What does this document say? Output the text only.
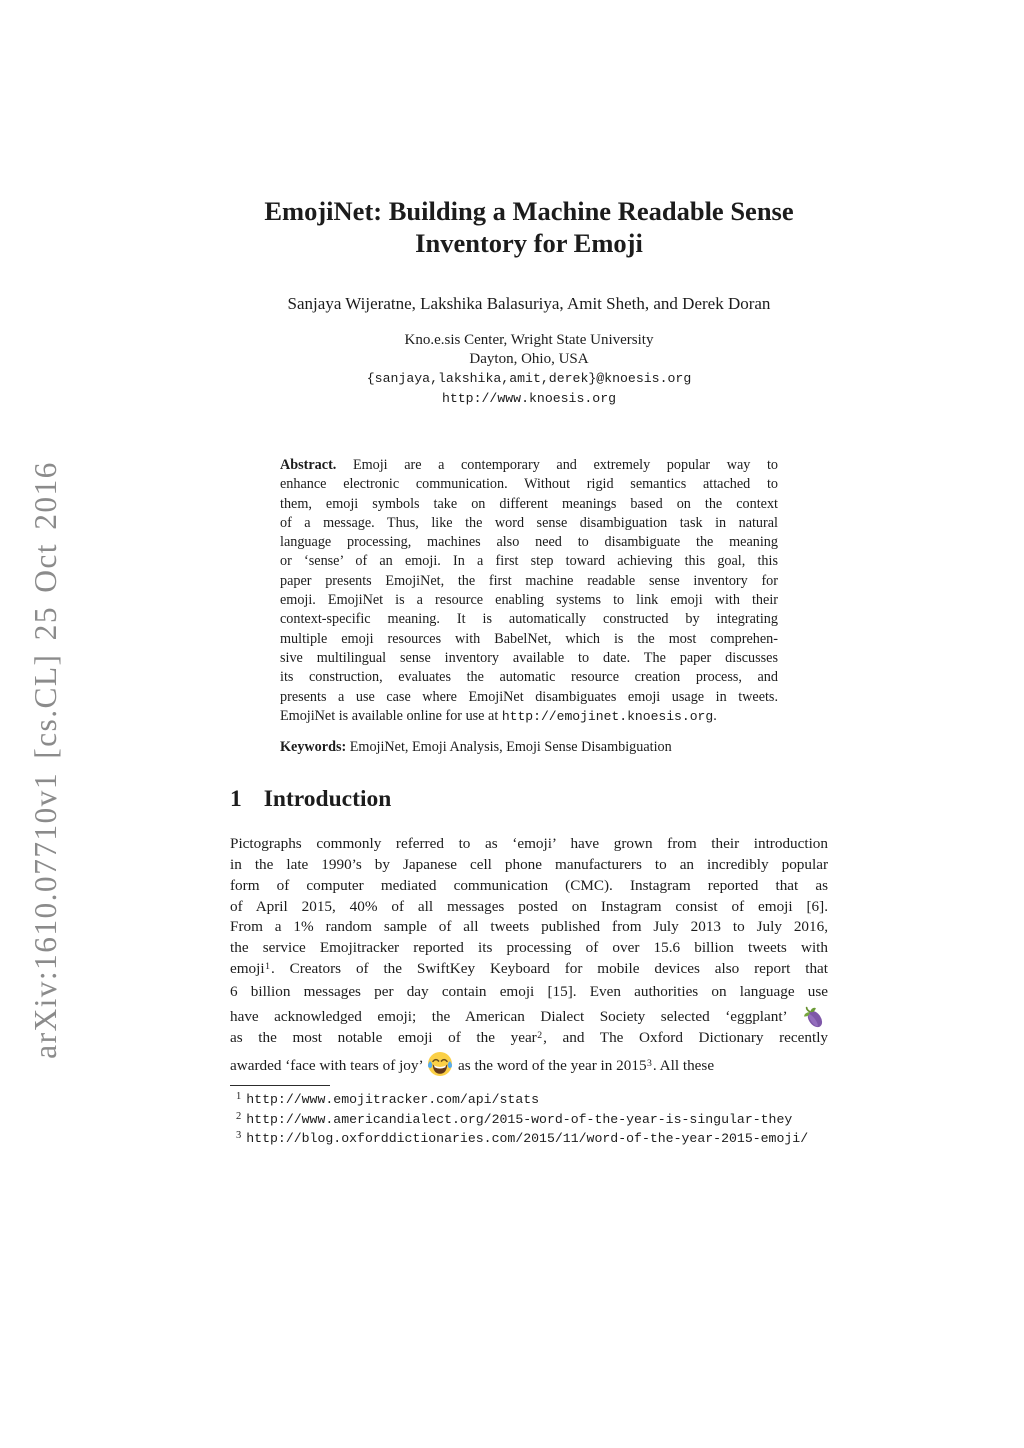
arXiv:1610.07710v1 [cs.CL] 25 Oct 2016
EmojiNet: Building a Machine Readable Sense
Inventory for Emoji
Sanjaya Wijeratne, Lakshika Balasuriya, Amit Sheth, and Derek Doran
Kno.e.sis Center, Wright State University
Dayton, Ohio, USA
{sanjaya,lakshika,amit,derek}@knoesis.org
http://www.knoesis.org
Abstract. Emoji are a contemporary and extremely popular way to
enhance electronic communication. Without rigid semantics attached to
them, emoji symbols take on different meanings based on the context
of a message. Thus, like the word sense disambiguation task in natural
language processing, machines also need to disambiguate the meaning
or ‘sense’ of an emoji. In a first step toward achieving this goal, this
paper presents EmojiNet, the first machine readable sense inventory for
emoji. EmojiNet is a resource enabling systems to link emoji with their
context-specific meaning. It is automatically constructed by integrating
multiple emoji resources with BabelNet, which is the most comprehen-
sive multilingual sense inventory available to date. The paper discusses
its construction, evaluates the automatic resource creation process, and
presents a use case where EmojiNet disambiguates emoji usage in tweets.
EmojiNet is available online for use at http://emojinet.knoesis.org.
Keywords: EmojiNet, Emoji Analysis, Emoji Sense Disambiguation
1 Introduction
Pictographs commonly referred to as ‘emoji’ have grown from their introduction
in the late 1990’s by Japanese cell phone manufacturers to an incredibly popular
form of computer mediated communication (CMC). Instagram reported that as
of April 2015, 40% of all messages posted on Instagram consist of emoji [6].
From a 1% random sample of all tweets published from July 2013 to July 2016,
the service Emojitracker reported its processing of over 15.6 billion tweets with
emoji$^1$. Creators of the SwiftKey Keyboard for mobile devices also report that
6 billion messages per day contain emoji [15]. Even authorities on language use
have acknowledged emoji; the American Dialect Society selected ‘eggplant’
as the most notable emoji of the year$^2$, and The Oxford Dictionary recently
awarded ‘face with tears of joy’
as the word of the year in 2015$^3$. All these
$^1$ http://www.emojitracker.com/api/stats
$^2$ http://www.americandialect.org/2015-word-of-the-year-is-singular-they
$^3$ http://blog.oxforddictionaries.com/2015/11/word-of-the-year-2015-emoji/
